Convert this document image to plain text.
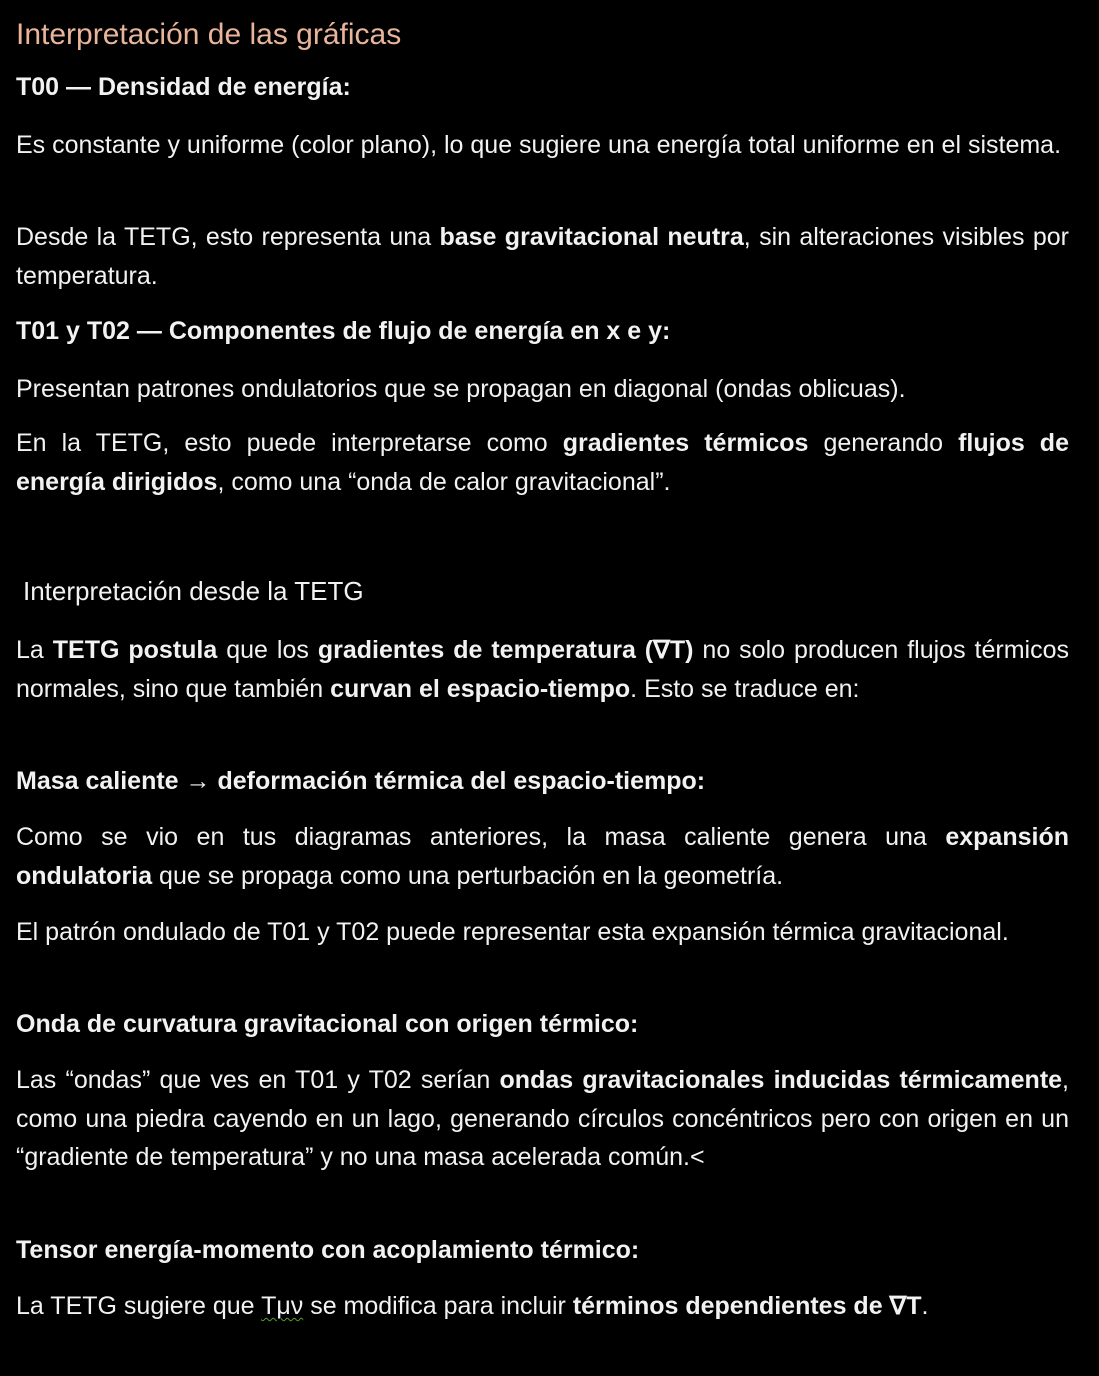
Interpretación de las gráficas

T00 — Densidad de energía:

Es constante y uniforme (color plano), lo que sugiere una energía total uniforme en el sistema.

Desde la TETG, esto representa una base gravitacional neutra, sin alteraciones visibles por temperatura.

T01 y T02 — Componentes de flujo de energía en x e y:

Presentan patrones ondulatorios que se propagan en diagonal (ondas oblicuas).

En la TETG, esto puede interpretarse como gradientes térmicos generando flujos de energía dirigidos, como una “onda de calor gravitacional”.

Interpretación desde la TETG

La TETG postula que los gradientes de temperatura (∇T) no solo producen flujos térmicos normales, sino que también curvan el espacio-tiempo. Esto se traduce en:

Masa caliente → deformación térmica del espacio-tiempo:

Como se vio en tus diagramas anteriores, la masa caliente genera una expansión ondulatoria que se propaga como una perturbación en la geometría.

El patrón ondulado de T01 y T02 puede representar esta expansión térmica gravitacional.

Onda de curvatura gravitacional con origen térmico:

Las “ondas” que ves en T01 y T02 serían ondas gravitacionales inducidas térmicamente, como una piedra cayendo en un lago, generando círculos concéntricos pero con origen en un “gradiente de temperatura” y no una masa acelerada común.<

Tensor energía-momento con acoplamiento térmico:

La TETG sugiere que Tμν se modifica para incluir términos dependientes de ∇T.
